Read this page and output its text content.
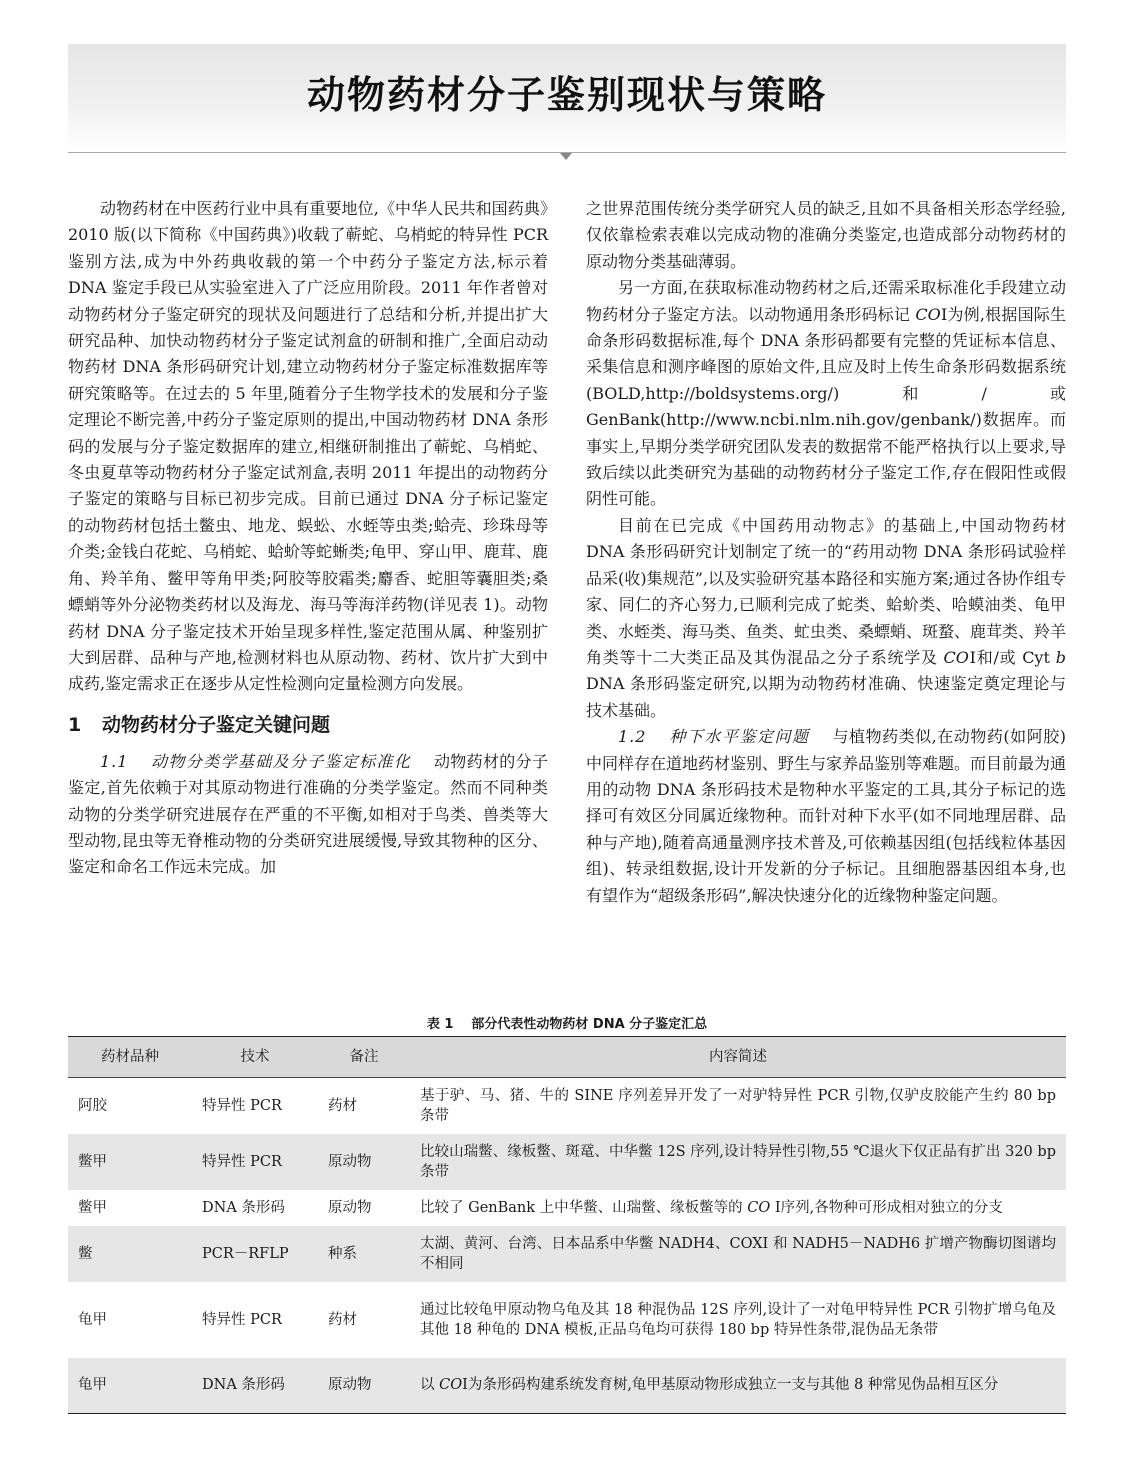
动物药材分子鉴别现状与策略

动物药材在中医药行业中具有重要地位,《中华人民共和国药典》2010 版(以下简称《中国药典》)收载了蕲蛇、乌梢蛇的特异性 PCR 鉴别方法,成为中外药典收载的第一个中药分子鉴定方法,标示着 DNA 鉴定手段已从实验室进入了广泛应用阶段。2011 年作者曾对动物药材分子鉴定研究的现状及问题进行了总结和分析,并提出扩大研究品种、加快动物药材分子鉴定试剂盒的研制和推广,全面启动动物药材 DNA 条形码研究计划,建立动物药材分子鉴定标准数据库等研究策略等。在过去的 5 年里,随着分子生物学技术的发展和分子鉴定理论不断完善,中药分子鉴定原则的提出,中国动物药材 DNA 条形码的发展与分子鉴定数据库的建立,相继研制推出了蕲蛇、乌梢蛇、冬虫夏草等动物药材分子鉴定试剂盒,表明 2011 年提出的动物药分子鉴定的策略与目标已初步完成。目前已通过 DNA 分子标记鉴定的动物药材包括土鳖虫、地龙、蜈蚣、水蛭等虫类;蛤壳、珍珠母等介类;金钱白花蛇、乌梢蛇、蛤蚧等蛇蜥类;龟甲、穿山甲、鹿茸、鹿角、羚羊角、鳖甲等角甲类;阿胶等胶霜类;麝香、蛇胆等囊胆类;桑螵蛸等外分泌物类药材以及海龙、海马等海洋药物(详见表 1)。动物药材 DNA 分子鉴定技术开始呈现多样性,鉴定范围从属、种鉴别扩大到居群、品种与产地,检测材料也从原动物、药材、饮片扩大到中成药,鉴定需求正在逐步从定性检测向定量检测方向发展。

1 动物药材分子鉴定关键问题

1.1 动物分类学基础及分子鉴定标准化 动物药材的分子鉴定,首先依赖于对其原动物进行准确的分类学鉴定。然而不同种类动物的分类学研究进展存在严重的不平衡,如相对于鸟类、兽类等大型动物,昆虫等无脊椎动物的分类研究进展缓慢,导致其物种的区分、鉴定和命名工作远未完成。加

之世界范围传统分类学研究人员的缺乏,且如不具备相关形态学经验,仅依靠检索表难以完成动物的准确分类鉴定,也造成部分动物药材的原动物分类基础薄弱。

另一方面,在获取标准动物药材之后,还需采取标准化手段建立动物药材分子鉴定方法。以动物通用条形码标记 COⅠ为例,根据国际生命条形码数据标准,每个 DNA 条形码都要有完整的凭证标本信息、采集信息和测序峰图的原始文件,且应及时上传生命条形码数据系统(BOLD,http://boldsystems.org/)和/或 GenBank(http://www.ncbi.nlm.nih.gov/genbank/)数据库。而事实上,早期分类学研究团队发表的数据常不能严格执行以上要求,导致后续以此类研究为基础的动物药材分子鉴定工作,存在假阳性或假阴性可能。

目前在已完成《中国药用动物志》的基础上,中国动物药材 DNA 条形码研究计划制定了统一的“药用动物 DNA 条形码试验样品采(收)集规范”,以及实验研究基本路径和实施方案;通过各协作组专家、同仁的齐心努力,已顺利完成了蛇类、蛤蚧类、哈蟆油类、龟甲类、水蛭类、海马类、鱼类、虻虫类、桑螵蛸、斑蝥、鹿茸类、羚羊角类等十二大类正品及其伪混品之分子系统学及 COⅠ和/或 Cyt b DNA 条形码鉴定研究,以期为动物药材准确、快速鉴定奠定理论与技术基础。

1.2 种下水平鉴定问题 与植物药类似,在动物药(如阿胶)中同样存在道地药材鉴别、野生与家养品鉴别等难题。而目前最为通用的动物 DNA 条形码技术是物种水平鉴定的工具,其分子标记的选择可有效区分同属近缘物种。而针对种下水平(如不同地理居群、品种与产地),随着高通量测序技术普及,可依赖基因组(包括线粒体基因组)、转录组数据,设计开发新的分子标记。且细胞器基因组本身,也有望作为“超级条形码”,解决快速分化的近缘物种鉴定问题。

表 1 部分代表性动物药材 DNA 分子鉴定汇总
药材品种	技术	备注	内容简述
阿胶	特异性 PCR	药材	基于驴、马、猪、牛的 SINE 序列差异开发了一对驴特异性 PCR 引物,仅驴皮胶能产生约 80 bp 条带
鳖甲	特异性 PCR	原动物	比较山瑞鳖、缘板鳖、斑鼋、中华鳖 12S 序列,设计特异性引物,55 ℃退火下仅正品有扩出 320 bp 条带
鳖甲	DNA 条形码	原动物	比较了 GenBank 上中华鳖、山瑞鳖、缘板鳖等的 CO Ⅰ序列,各物种可形成相对独立的分支
鳖	PCR－RFLP	种系	太湖、黄河、台湾、日本品系中华鳖 NADH4、COXI 和 NADH5－NADH6 扩增产物酶切图谱均不相同
龟甲	特异性 PCR	药材	通过比较龟甲原动物乌龟及其 18 种混伪品 12S 序列,设计了一对龟甲特异性 PCR 引物扩增乌龟及其他 18 种龟的 DNA 模板,正品乌龟均可获得 180 bp 特异性条带,混伪品无条带
龟甲	DNA 条形码	原动物	以 COⅠ为条形码构建系统发育树,龟甲基原动物形成独立一支与其他 8 种常见伪品相互区分
